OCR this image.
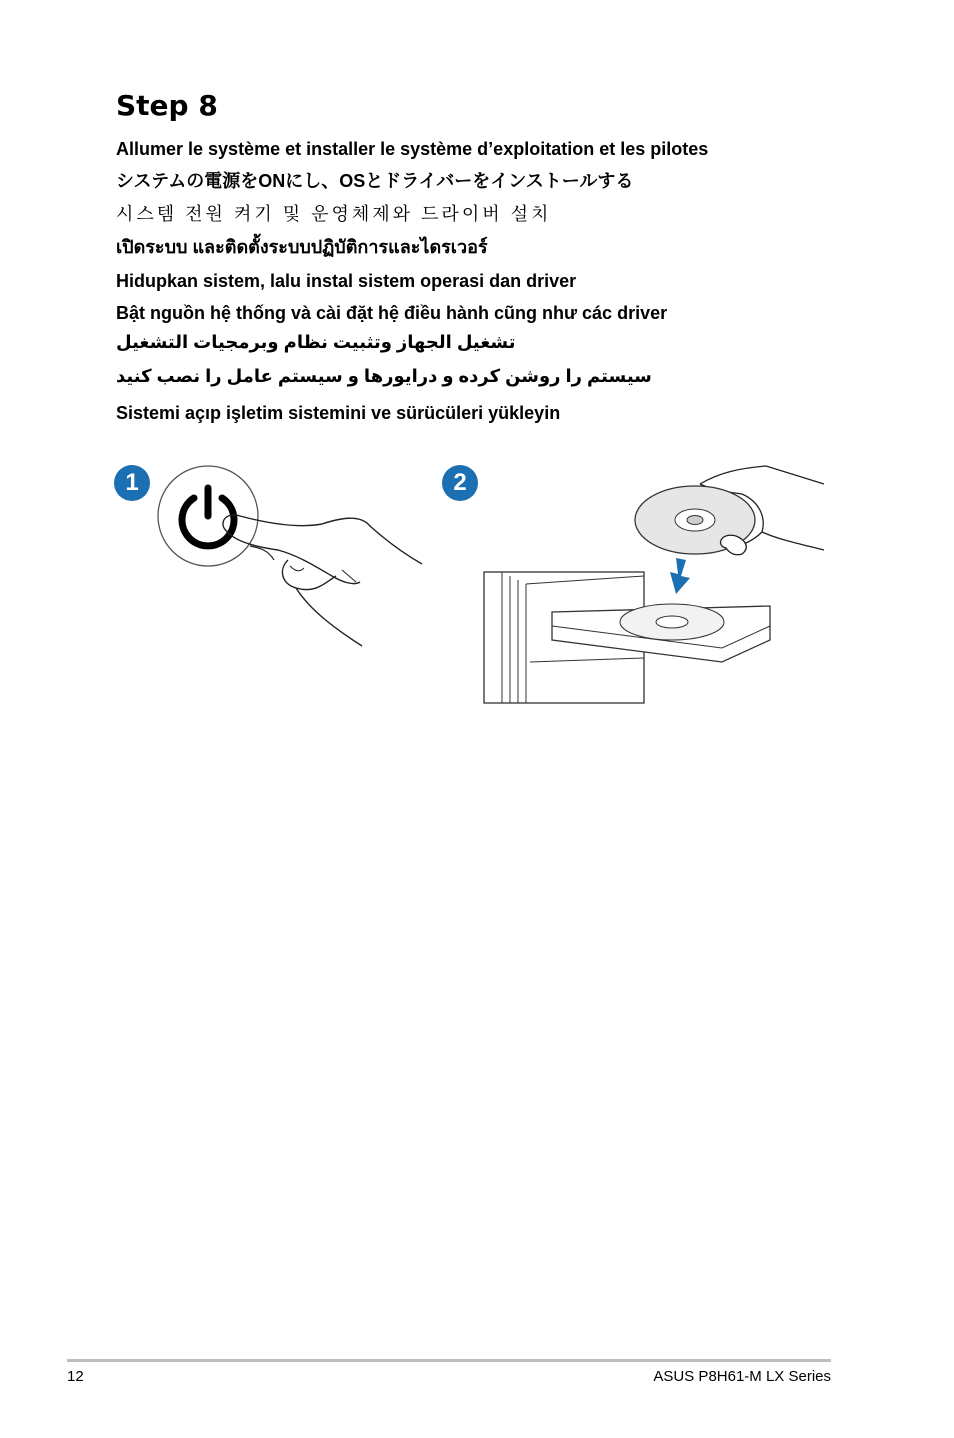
Step 8

Allumer le système et installer le système d’exploitation et les pilotes

システムの電源をONにし、OSとドライバーをインストールする

시스템 전원 켜기 및 운영체제와 드라이버 설치

เปิดระบบ และติดตั้งระบบปฏิบัติการและไดรเวอร์

Hidupkan sistem, lalu instal sistem operasi dan driver

Bật nguồn hệ thống và cài đặt hệ điều hành cũng như các driver

تشغيل الجهاز وتثبيت نظام وبرمجيات التشغيل

سیستم را روشن کرده و درایورها و سیستم عامل را نصب کنید

Sistemi açıp işletim sistemini ve sürücüleri yükleyin

1	2
12	ASUS P8H61-M LX Series
